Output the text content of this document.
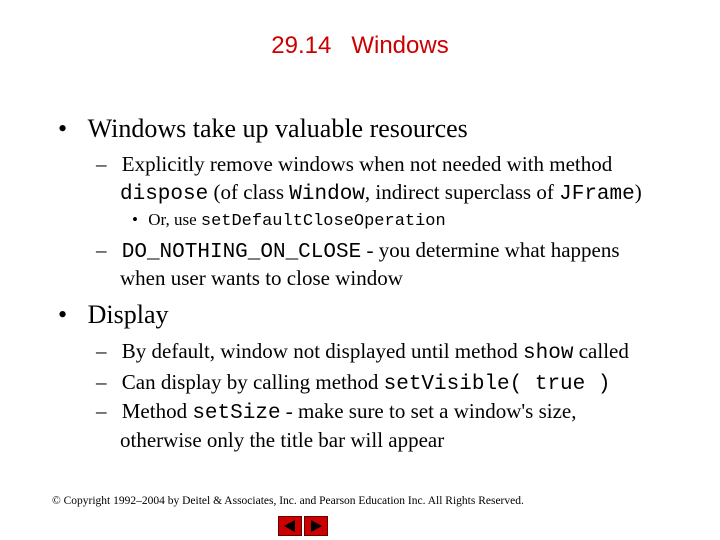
29.14   Windows
• Windows take up valuable resources
– Explicitly remove windows when not needed with method
dispose (of class Window, indirect superclass of JFrame)
• Or, use setDefaultCloseOperation
– DO_NOTHING_ON_CLOSE - you determine what happens
when user wants to close window
• Display
– By default, window not displayed until method show called
– Can display by calling method setVisible( true )
– Method setSize - make sure to set a window's size,
otherwise only the title bar will appear
© Copyright 1992–2004 by Deitel & Associates, Inc. and Pearson Education Inc. All Rights Reserved.
